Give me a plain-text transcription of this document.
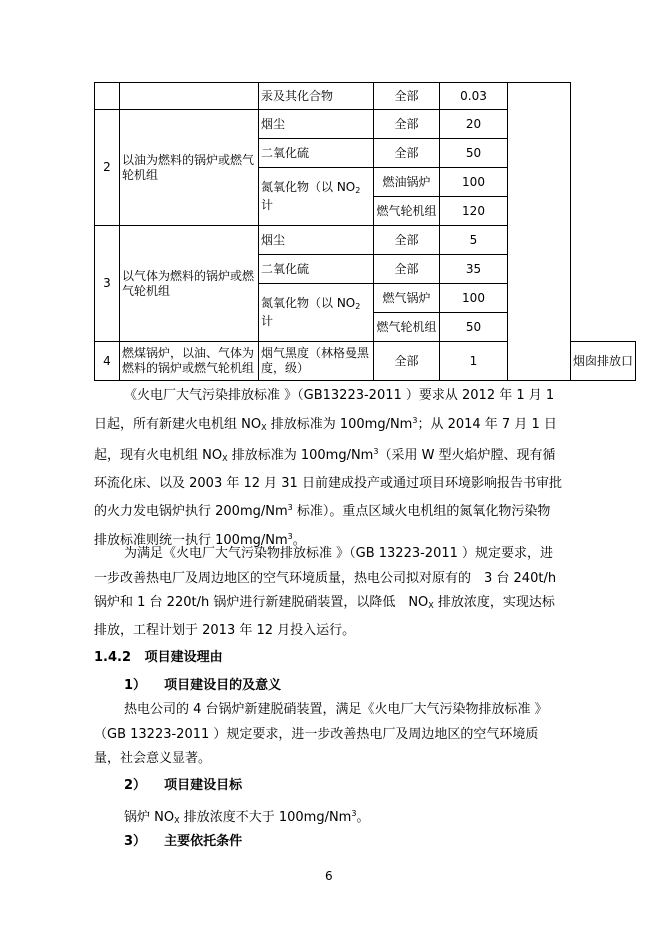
		汞及其化合物	全部	0.03		
2	以油为燃料的锅炉或燃气轮机组	烟尘	全部	20		
		二氧化硫	全部	50		
		氮氧化物（以 $NO_2$计	燃油锅炉	100		
			燃气轮机组	120		
3	以气体为燃料的锅炉或燃气轮机组	烟尘	全部	5		
		二氧化硫	全部	35		
		氮氧化物（以 $NO_2$计	燃气锅炉	100		
			燃气轮机组	50		
4	燃煤锅炉，以油、气体为燃料的锅炉或燃气轮机组	烟气黑度（林格曼黑度，级）	全部	1		烟囱排放口

《火电厂大气污染排放标准 》（GB13223-2011 ）要求从 2012 年 1 月 1 日起，所有新建火电机组 $NO_X$ 排放标准为 100mg/Nm$^3$；从 2014 年 7 月 1 日起，现有火电机组 $NO_X$ 排放标准为 100mg/Nm$^3$（采用 W 型火焰炉膛、现有循环流化床、以及 2003 年 12 月 31 日前建成投产或通过项目环境影响报告书审批的火力发电锅炉执行 200mg/Nm$^3$ 标准）。重点区域火电机组的氮氧化物污染物排放标准则统一执行 100mg/Nm$^3$。

为满足《火电厂大气污染物排放标准 》（GB 13223-2011 ）规定要求，进一步改善热电厂及周边地区的空气环境质量，热电公司拟对原有的　3 台 240t/h 锅炉和 1 台 220t/h 锅炉进行新建脱硝装置，以降低　$NO_X$ 排放浓度，实现达标排放，工程计划于 2013 年 12 月投入运行。

1.4.2 项目建设理由
1） 项目建设目的及意义

热电公司的 4 台锅炉新建脱硝装置，满足《火电厂大气污染物排放标准 》（GB 13223-2011 ）规定要求，进一步改善热电厂及周边地区的空气环境质量，社会意义显著。

2） 项目建设目标
锅炉 $NO_X$ 排放浓度不大于 100mg/Nm$^3$。
3） 主要依托条件
6
